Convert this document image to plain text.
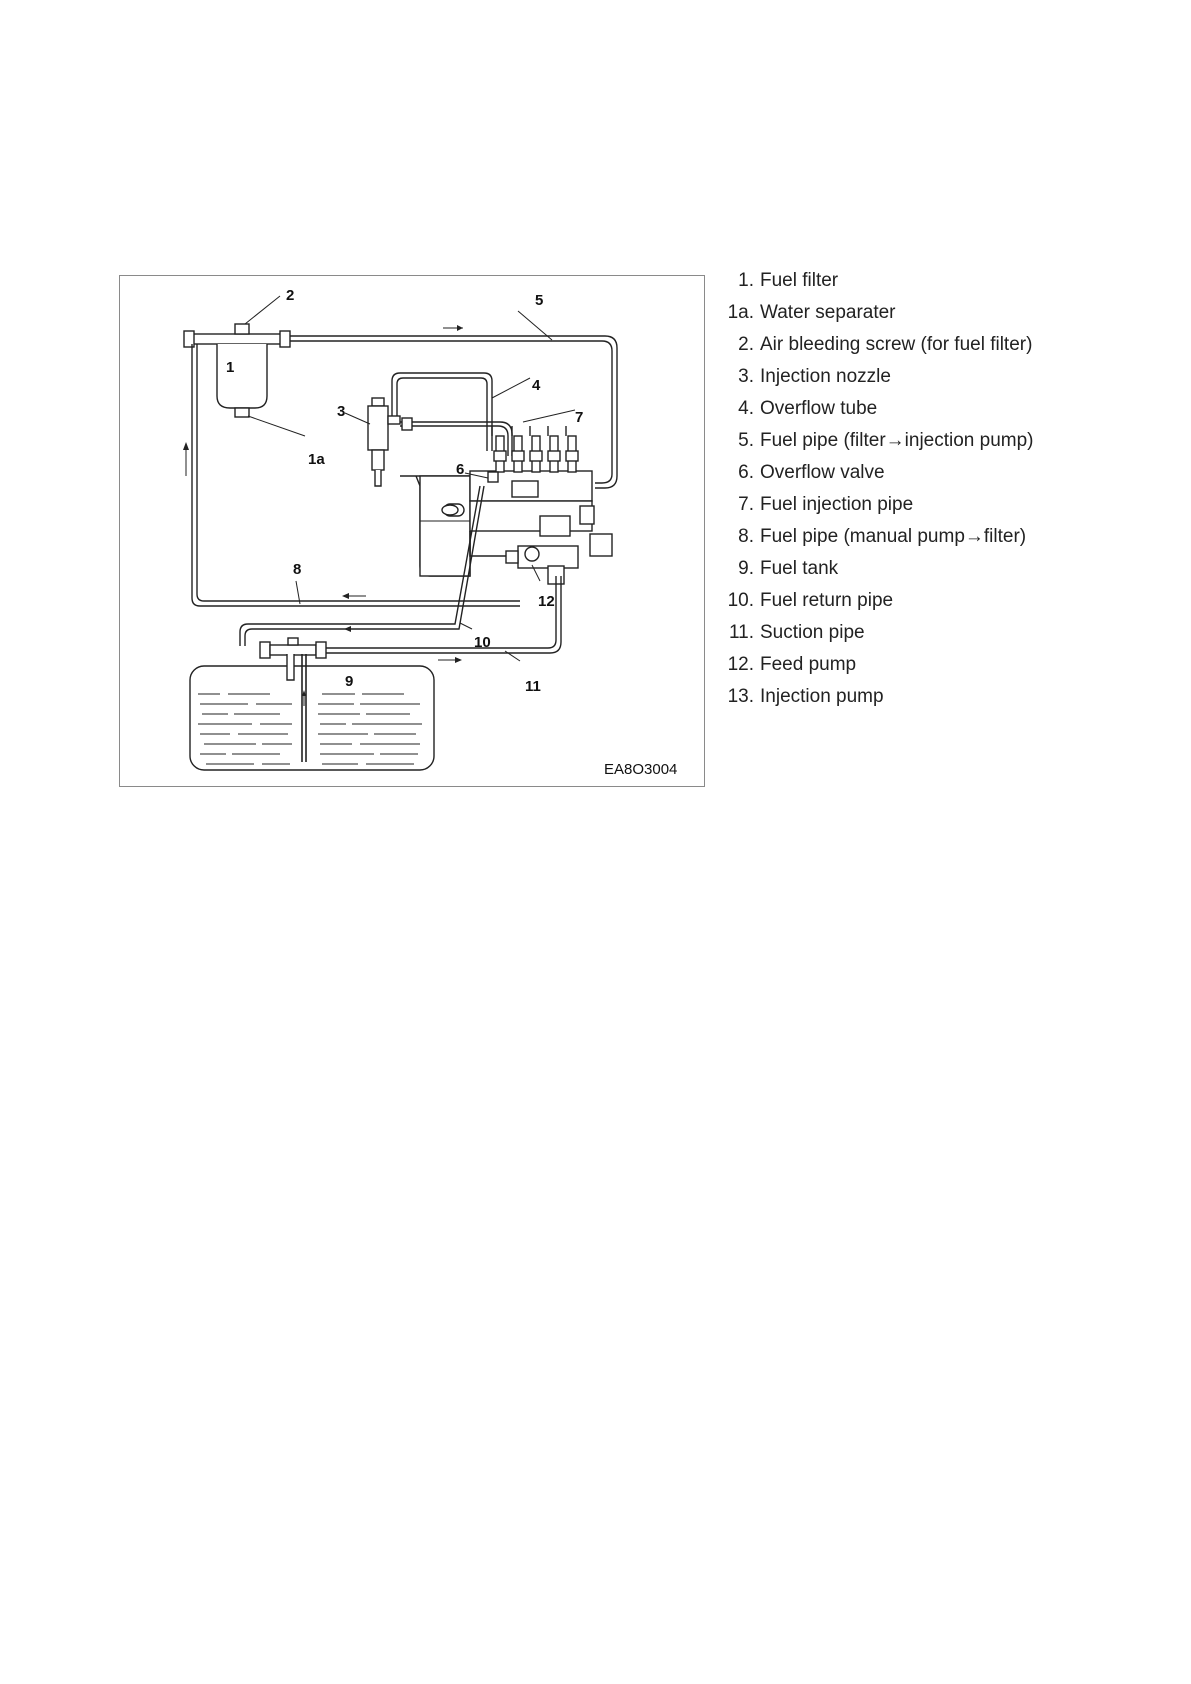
1
1a
2
3
4
5
6
7
8
9
10
11
12
EA8O3004
1. Fuel filter
1a. Water separater
2. Air bleeding screw (for fuel filter)
3. Injection nozzle
4. Overflow tube
5. Fuel pipe (filter→injection pump)
6. Overflow valve
7. Fuel injection pipe
8. Fuel pipe (manual pump→filter)
9. Fuel tank
10. Fuel return pipe
11. Suction pipe
12. Feed pump
13. Injection pump
